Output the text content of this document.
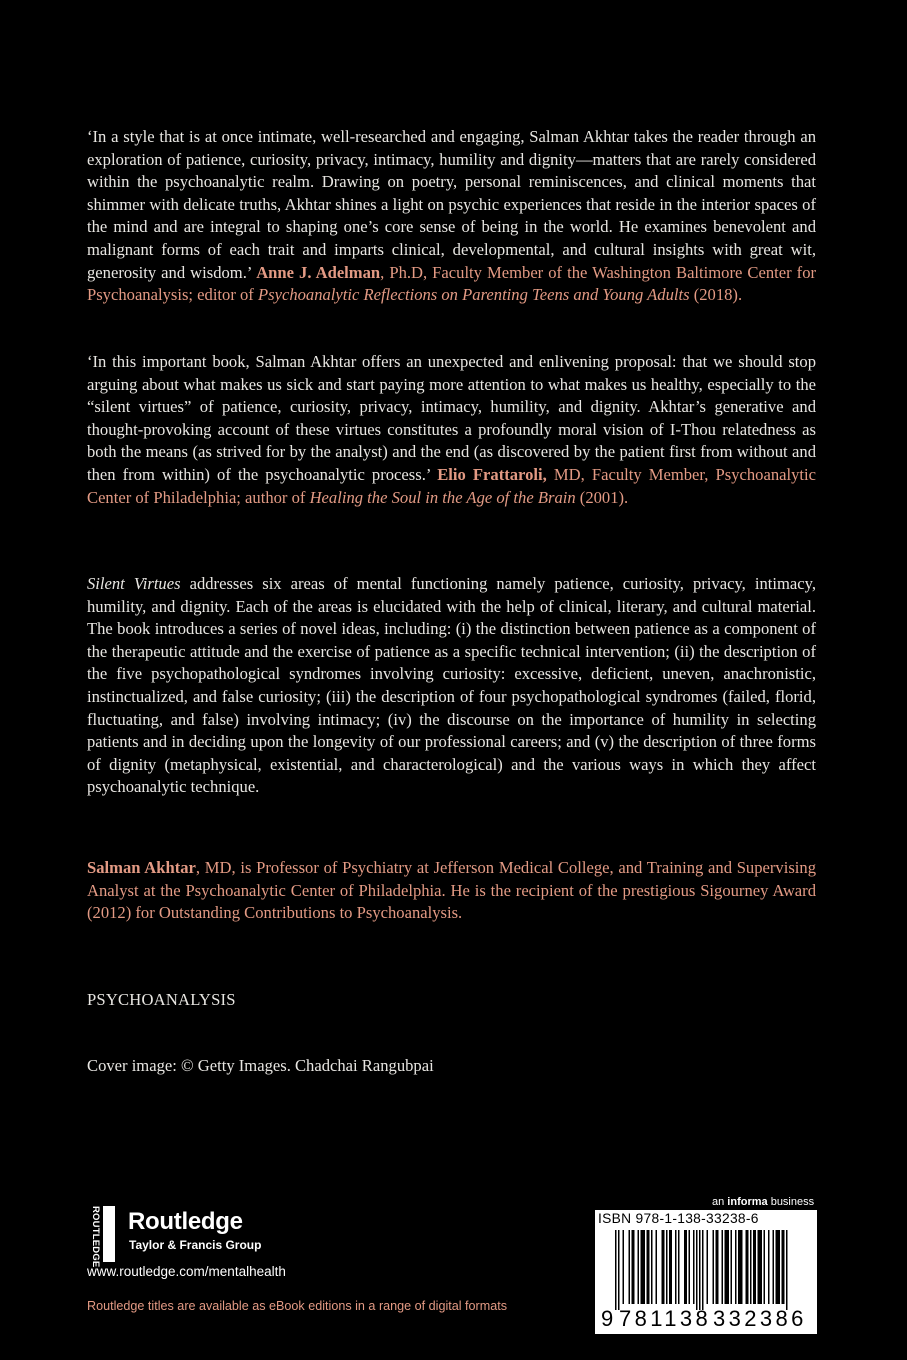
‘In a style that is at once intimate, well-researched and engaging, Salman Akhtar takes the reader through an exploration of patience, curiosity, privacy, intimacy, humility and dignity—matters that are rarely considered within the psychoanalytic realm. Drawing on poetry, personal reminiscences, and clinical moments that shimmer with delicate truths, Akhtar shines a light on psychic experiences that reside in the interior spaces of the mind and are integral to shaping one’s core sense of being in the world. He examines benevolent and malignant forms of each trait and imparts clinical, developmental, and cultural insights with great wit, generosity and wisdom.’ Anne J. Adelman, Ph.D, Faculty Member of the Washington Baltimore Center for Psychoanalysis; editor of Psychoanalytic Reflections on Parenting Teens and Young Adults (2018).
‘In this important book, Salman Akhtar offers an unexpected and enlivening proposal: that we should stop arguing about what makes us sick and start paying more attention to what makes us healthy, especially to the “silent virtues” of patience, curiosity, privacy, intimacy, humility, and dignity. Akhtar’s generative and thought-provoking account of these virtues constitutes a profoundly moral vision of I-Thou relatedness as both the means (as strived for by the analyst) and the end (as discovered by the patient first from without and then from within) of the psychoanalytic process.’ Elio Frattaroli, MD, Faculty Member, Psychoanalytic Center of Philadelphia; author of Healing the Soul in the Age of the Brain (2001).
Silent Virtues addresses six areas of mental functioning namely patience, curiosity, privacy, intimacy, humility, and dignity. Each of the areas is elucidated with the help of clinical, literary, and cultural material. The book introduces a series of novel ideas, including: (i) the distinction between patience as a component of the therapeutic attitude and the exercise of patience as a specific technical intervention; (ii) the description of the five psychopathological syndromes involving curiosity: excessive, deficient, uneven, anachronistic, instinctualized, and false curiosity; (iii) the description of four psychopathological syndromes (failed, florid, fluctuating, and false) involving intimacy; (iv) the discourse on the importance of humility in selecting patients and in deciding upon the longevity of our professional careers; and (v) the description of three forms of dignity (metaphysical, existential, and characterological) and the various ways in which they affect psychoanalytic technique.
Salman Akhtar, MD, is Professor of Psychiatry at Jefferson Medical College, and Training and Supervising Analyst at the Psychoanalytic Center of Philadelphia. He is the recipient of the prestigious Sigourney Award (2012) for Outstanding Contributions to Psychoanalysis.
PSYCHOANALYSIS
Cover image: © Getty Images. Chadchai Rangubpai
ROUTLEDGE Routledge
Taylor & Francis Group
www.routledge.com/mentalhealth
Routledge titles are available as eBook editions in a range of digital formats
an informa business
ISBN 978-1-138-33238-6
9 781138 332386
